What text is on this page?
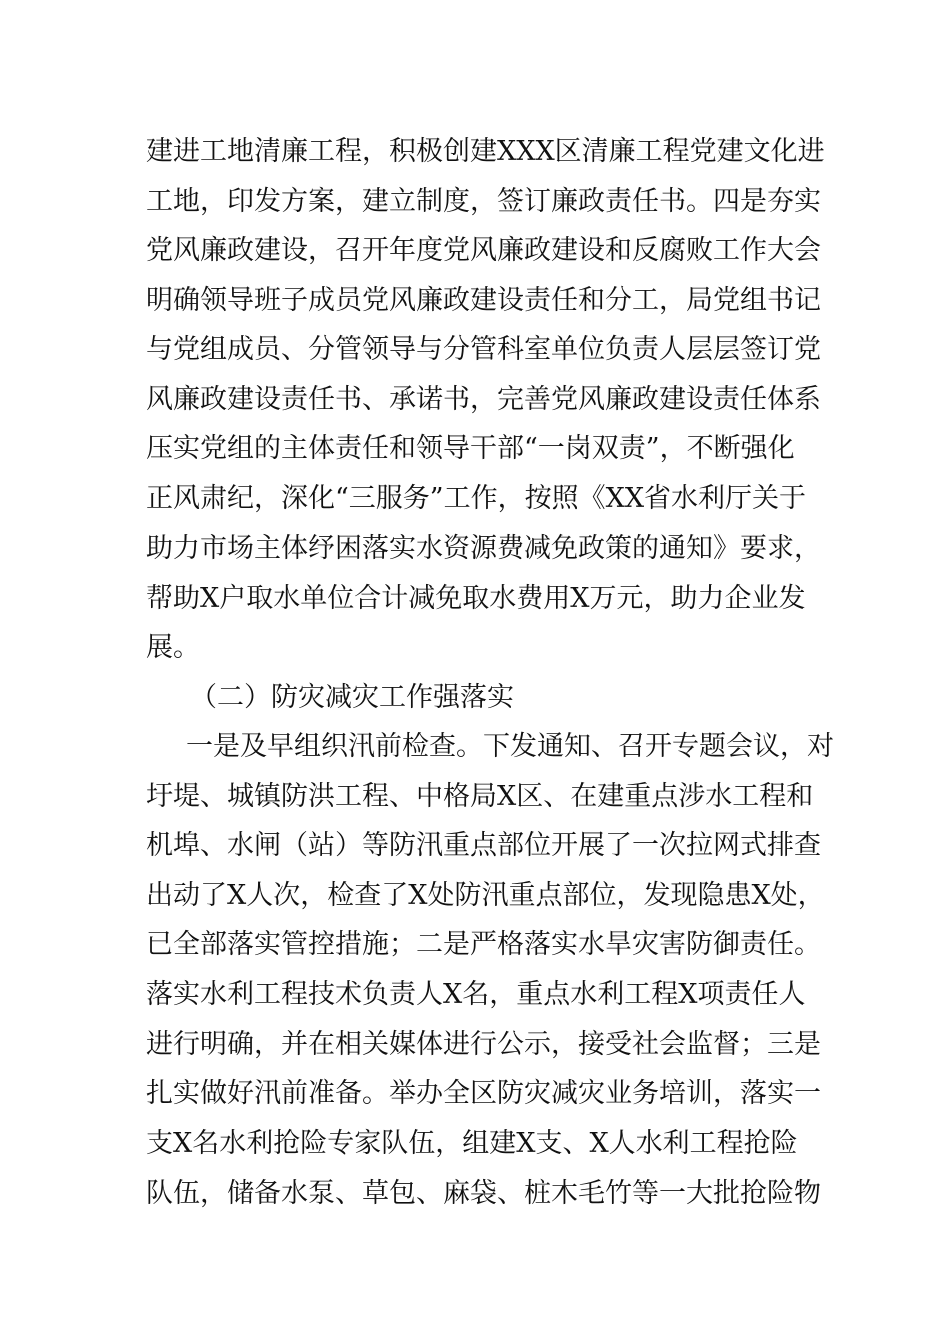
建进工地清廉工程，积极创建XXX区清廉工程党建文化进
工地，印发方案，建立制度，签订廉政责任书。四是夯实
党风廉政建设，召开年度党风廉政建设和反腐败工作大会
明确领导班子成员党风廉政建设责任和分工，局党组书记
与党组成员、分管领导与分管科室单位负责人层层签订党
风廉政建设责任书、承诺书，完善党风廉政建设责任体系
压实党组的主体责任和领导干部“一岗双责”，不断强化
正风肃纪，深化“三服务”工作，按照《XX省水利厅关于
助力市场主体纾困落实水资源费减免政策的通知》要求，
帮助X户取水单位合计减免取水费用X万元，助力企业发
展。
（二）防灾减灾工作强落实
一是及早组织汛前检查。下发通知、召开专题会议，对
圩堤、城镇防洪工程、中格局X区、在建重点涉水工程和
机埠、水闸（站）等防汛重点部位开展了一次拉网式排查
出动了X人次，检查了X处防汛重点部位，发现隐患X处，
已全部落实管控措施；二是严格落实水旱灾害防御责任。
落实水利工程技术负责人X名，重点水利工程X项责任人
进行明确，并在相关媒体进行公示，接受社会监督；三是
扎实做好汛前准备。举办全区防灾减灾业务培训，落实一
支X名水利抢险专家队伍，组建X支、X人水利工程抢险
队伍，储备水泵、草包、麻袋、桩木毛竹等一大批抢险物
